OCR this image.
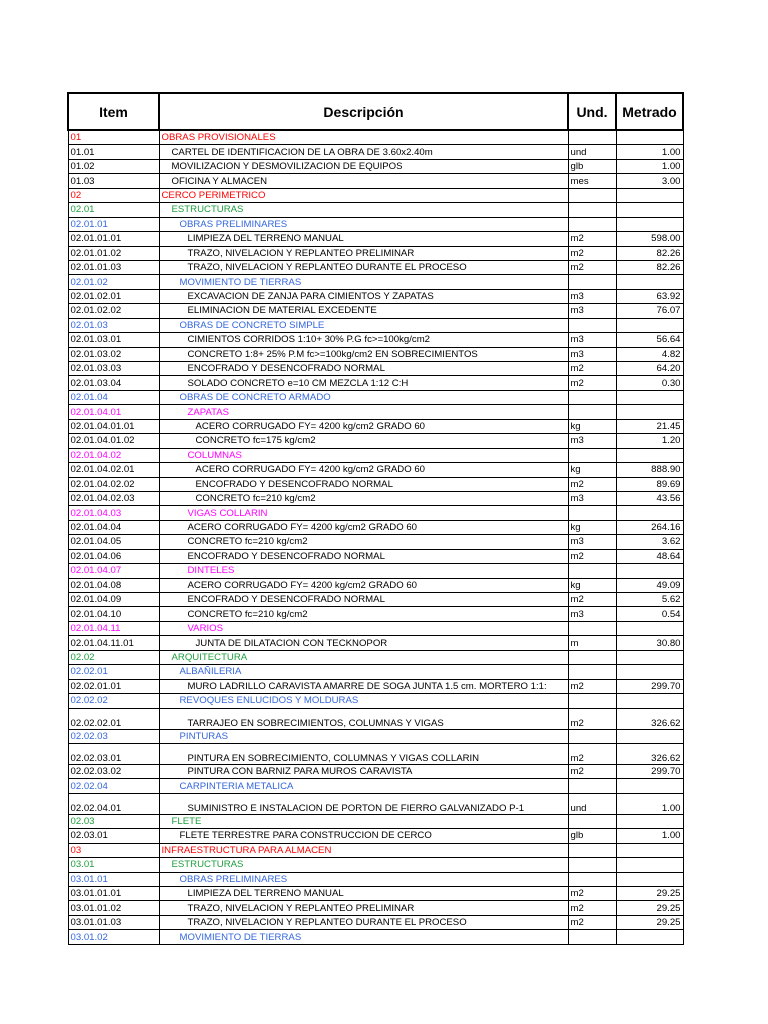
Item	Descripción	Und.	Metrado
01	OBRAS PROVISIONALES		
01.01	CARTEL DE IDENTIFICACION DE LA OBRA DE 3.60x2.40m	und	1.00
01.02	MOVILIZACION Y DESMOVILIZACION DE EQUIPOS	glb	1.00
01.03	OFICINA Y ALMACEN	mes	3.00
02	CERCO PERIMETRICO		
02.01	ESTRUCTURAS		
02.01.01	OBRAS PRELIMINARES		
02.01.01.01	LIMPIEZA DEL TERRENO MANUAL	m2	598.00
02.01.01.02	TRAZO, NIVELACION Y REPLANTEO PRELIMINAR	m2	82.26
02.01.01.03	TRAZO, NIVELACION Y REPLANTEO DURANTE EL PROCESO	m2	82.26
02.01.02	MOVIMIENTO DE TIERRAS		
02.01.02.01	EXCAVACION DE ZANJA PARA CIMIENTOS Y ZAPATAS	m3	63.92
02.01.02.02	ELIMINACION DE MATERIAL EXCEDENTE	m3	76.07
02.01.03	OBRAS DE CONCRETO SIMPLE		
02.01.03.01	CIMIENTOS CORRIDOS 1:10+ 30% P.G fc>=100kg/cm2	m3	56.64
02.01.03.02	CONCRETO 1:8+ 25% P.M fc>=100kg/cm2 EN SOBRECIMIENTOS	m3	4.82
02.01.03.03	ENCOFRADO Y DESENCOFRADO NORMAL	m2	64.20
02.01.03.04	SOLADO CONCRETO e=10 CM MEZCLA 1:12 C:H	m2	0.30
02.01.04	OBRAS DE CONCRETO ARMADO		
02.01.04.01	ZAPATAS		
02.01.04.01.01	ACERO CORRUGADO FY= 4200 kg/cm2 GRADO 60	kg	21.45
02.01.04.01.02	CONCRETO fc=175 kg/cm2	m3	1.20
02.01.04.02	COLUMNAS		
02.01.04.02.01	ACERO CORRUGADO FY= 4200 kg/cm2 GRADO 60	kg	888.90
02.01.04.02.02	ENCOFRADO Y DESENCOFRADO NORMAL	m2	89.69
02.01.04.02.03	CONCRETO fc=210 kg/cm2	m3	43.56
02.01.04.03	VIGAS COLLARIN		
02.01.04.04	ACERO CORRUGADO FY= 4200 kg/cm2 GRADO 60	kg	264.16
02.01.04.05	CONCRETO fc=210 kg/cm2	m3	3.62
02.01.04.06	ENCOFRADO Y DESENCOFRADO NORMAL	m2	48.64
02.01.04.07	DINTELES		
02.01.04.08	ACERO CORRUGADO FY= 4200 kg/cm2 GRADO 60	kg	49.09
02.01.04.09	ENCOFRADO Y DESENCOFRADO NORMAL	m2	5.62
02.01.04.10	CONCRETO fc=210 kg/cm2	m3	0.54
02.01.04.11	VARIOS		
02.01.04.11.01	JUNTA DE DILATACION CON TECKNOPOR	m	30.80
02.02	ARQUITECTURA		
02.02.01	ALBAÑILERIA		
02.02.01.01	MURO LADRILLO CARAVISTA AMARRE DE SOGA JUNTA 1.5 cm. MORTERO 1:1:	m2	299.70
02.02.02	REVOQUES ENLUCIDOS Y MOLDURAS		
02.02.02.01	TARRAJEO EN SOBRECIMIENTOS, COLUMNAS Y VIGAS	m2	326.62
02.02.03	PINTURAS		
02.02.03.01	PINTURA EN SOBRECIMIENTO, COLUMNAS Y VIGAS COLLARIN	m2	326.62
02.02.03.02	PINTURA CON BARNIZ PARA MUROS CARAVISTA	m2	299.70
02.02.04	CARPINTERIA METALICA		
02.02.04.01	SUMINISTRO E INSTALACION DE PORTON DE FIERRO GALVANIZADO P-1	und	1.00
02.03	FLETE		
02.03.01	FLETE TERRESTRE PARA CONSTRUCCION DE CERCO	glb	1.00
03	INFRAESTRUCTURA PARA ALMACEN		
03.01	ESTRUCTURAS		
03.01.01	OBRAS PRELIMINARES		
03.01.01.01	LIMPIEZA DEL TERRENO MANUAL	m2	29.25
03.01.01.02	TRAZO, NIVELACION Y REPLANTEO PRELIMINAR	m2	29.25
03.01.01.03	TRAZO, NIVELACION Y REPLANTEO DURANTE EL PROCESO	m2	29.25
03.01.02	MOVIMIENTO DE TIERRAS		
